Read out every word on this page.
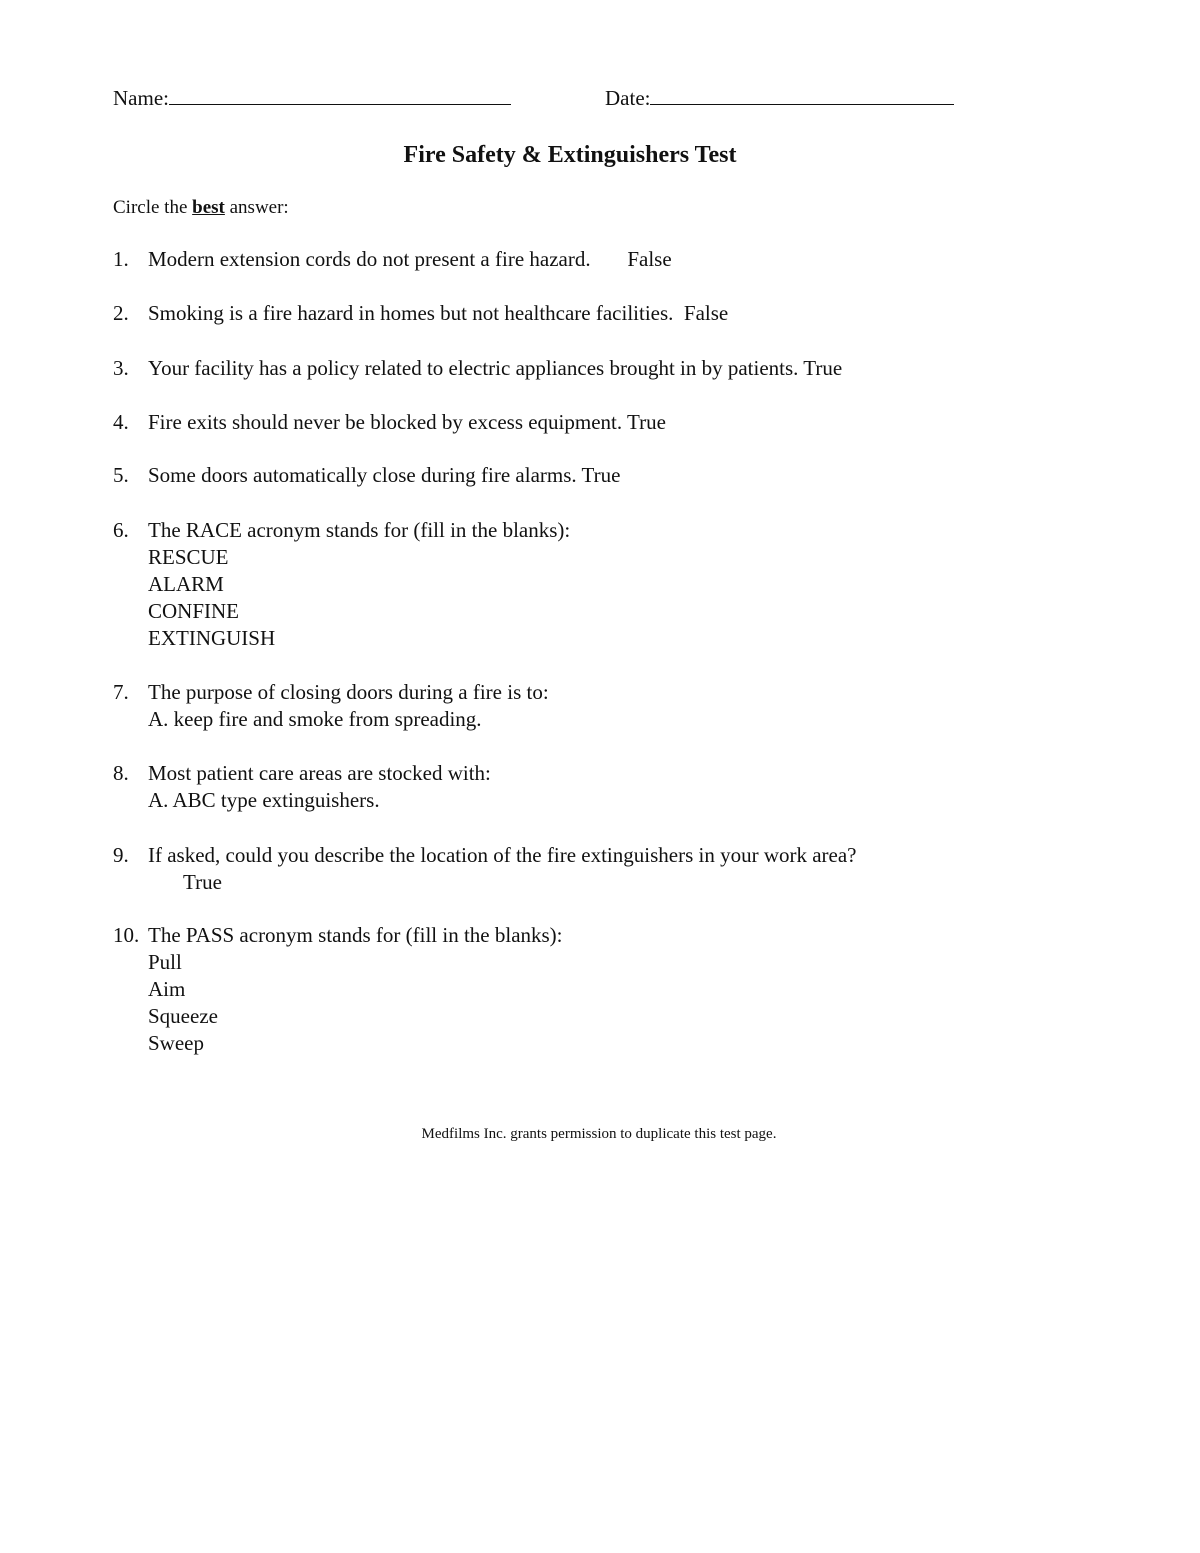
Name:	Date:
Fire Safety & Extinguishers Test
Circle the best answer:
1. Modern extension cords do not present a fire hazard.       False
2. Smoking is a fire hazard in homes but not healthcare facilities.  False
3. Your facility has a policy related to electric appliances brought in by patients. True
4. Fire exits should never be blocked by excess equipment. True
5. Some doors automatically close during fire alarms. True
6. The RACE acronym stands for (fill in the blanks):
RESCUE
ALARM
CONFINE
EXTINGUISH
7. The purpose of closing doors during a fire is to:
A. keep fire and smoke from spreading.
8. Most patient care areas are stocked with:
A. ABC type extinguishers.
9. If asked, could you describe the location of the fire extinguishers in your work area?
True
10. The PASS acronym stands for (fill in the blanks):
Pull
Aim
Squeeze
Sweep
Medfilms Inc. grants permission to duplicate this test page.
